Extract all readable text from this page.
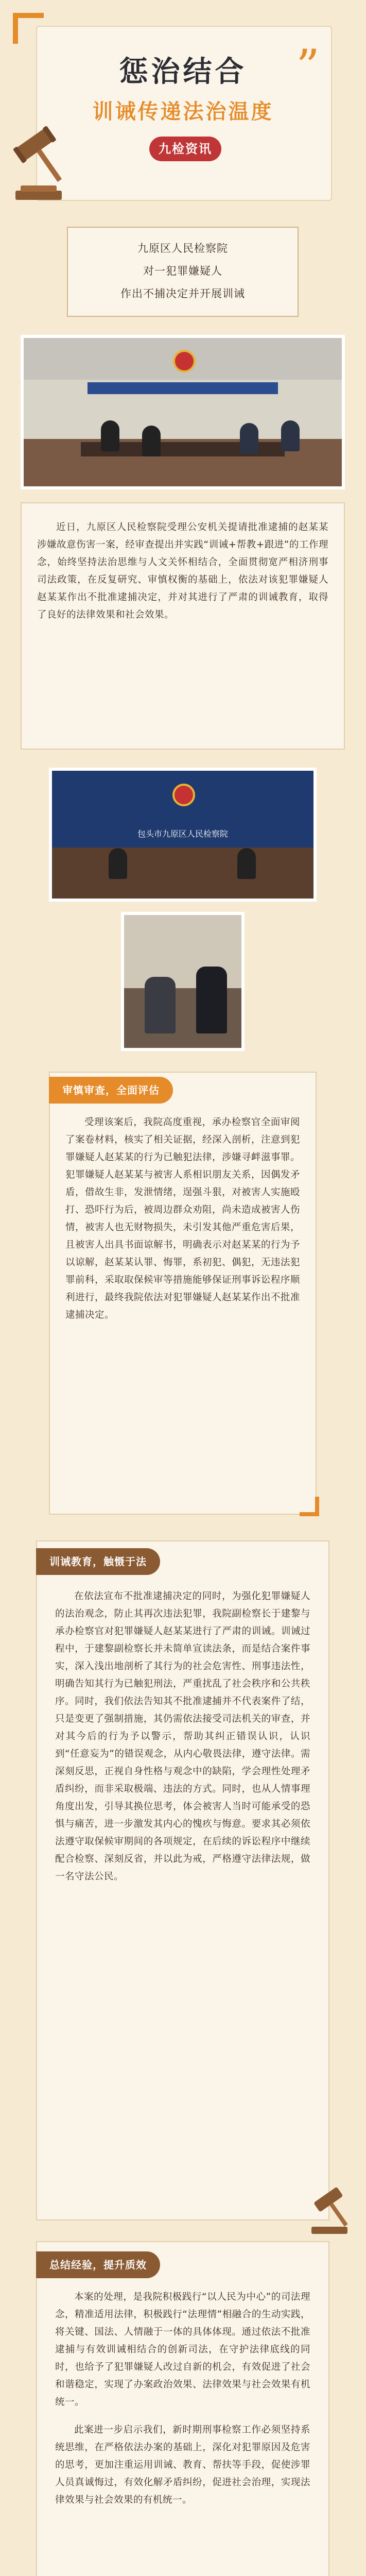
”
惩治结合
训诫传递法治温度
九检资讯

九原区人民检察院

对一犯罪嫌疑人

作出不捕决定并开展训诫

近日，九原区人民检察院受理公安机关提请批准逮捕的赵某某涉嫌故意伤害一案，经审查提出并实践“训诫+帮教+跟进”的工作理念，始终坚持法治思维与人文关怀相结合，全面贯彻宽严相济刑事司法政策，在反复研究、审慎权衡的基础上，依法对该犯罪嫌疑人赵某某作出不批准逮捕决定，并对其进行了严肃的训诫教育，取得了良好的法律效果和社会效果。

包头市九原区人民检察院

受理该案后，我院高度重视，承办检察官全面审阅了案卷材料，核实了相关证据，经深入剖析，注意到犯罪嫌疑人赵某某的行为已触犯法律，涉嫌寻衅滋事罪。犯罪嫌疑人赵某某与被害人系相识朋友关系，因偶发矛盾，借故生非，发泄情绪，逞强斗狠，对被害人实施殴打、恐吓行为后，被周边群众劝阻，尚未造成被害人伤情，被害人也无财物损失，未引发其他严重危害后果，且被害人出具书面谅解书，明确表示对赵某某的行为予以谅解，赵某某认罪、悔罪，系初犯、偶犯，无违法犯罪前科，采取取保候审等措施能够保证刑事诉讼程序顺利进行，最终我院依法对犯罪嫌疑人赵某某作出不批准逮捕决定。

审慎审查，全面评估

在依法宣布不批准逮捕决定的同时，为强化犯罪嫌疑人的法治观念，防止其再次违法犯罪，我院副检察长于建黎与承办检察官对犯罪嫌疑人赵某某进行了严肃的训诫。训诫过程中，于建黎副检察长并未简单宣读法条，而是结合案件事实，深入浅出地剖析了其行为的社会危害性、刑事违法性，明确告知其行为已触犯刑法，严重扰乱了社会秩序和公共秩序。同时，我们依法告知其不批准逮捕并不代表案件了结，只是变更了强制措施，其仍需依法接受司法机关的审查，并对其今后的行为予以警示，帮助其纠正错误认识，认识到“任意妄为”的错误观念，从内心敬畏法律，遵守法律。需深刻反思，正视自身性格与观念中的缺陷，学会理性处理矛盾纠纷，而非采取极端、违法的方式。同时，也从人情事理角度出发，引导其换位思考，体会被害人当时可能承受的恐惧与痛苦，进一步激发其内心的愧疚与悔意。要求其必须依法遵守取保候审期间的各项规定，在后续的诉讼程序中继续配合检察、深刻反省，并以此为戒，严格遵守法律法规，做一名守法公民。

训诫教育，触慑于法

本案的处理，是我院积极践行“以人民为中心”的司法理念，精准适用法律，积极践行“法理情”相融合的生动实践，将关键、国法、人情融于一体的具体体现。通过依法不批准逮捕与有效训诫相结合的创新司法，在守护法律底线的同时，也给予了犯罪嫌疑人改过自新的机会，有效促进了社会和谐稳定，实现了办案政治效果、法律效果与社会效果有机统一。

此案进一步启示我们，新时期刑事检察工作必须坚持系统思维，在严格依法办案的基础上，深化对犯罪原因及危害的思考，更加注重运用训诫、教育、帮扶等手段，促使涉罪人员真诚悔过，有效化解矛盾纠纷，促进社会治理，实现法律效果与社会效果的有机统一。

总结经验，提升质效
